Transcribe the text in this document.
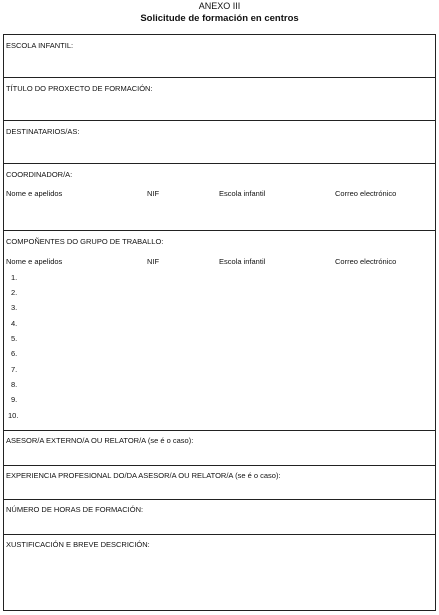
ANEXO III
Solicitude de formación en centros
ESCOLA INFANTIL:
TÍTULO DO PROXECTO DE FORMACIÓN:
DESTINATARIOS/AS:
COORDINADOR/A:
Nome e apelidos	NIF	Escola infantil	Correo electrónico
COMPOÑENTES DO GRUPO DE TRABALLO:
Nome e apelidos	NIF	Escola infantil	Correo electrónico
1.
2.
3.
4.
5.
6.
7.
8.
9.
10.
ASESOR/A EXTERNO/A OU RELATOR/A (se é o caso):
EXPERIENCIA PROFESIONAL DO/DA ASESOR/A OU RELATOR/A (se é o caso):
NÚMERO DE HORAS DE FORMACIÓN:
XUSTIFICACIÓN E BREVE DESCRICIÓN:
